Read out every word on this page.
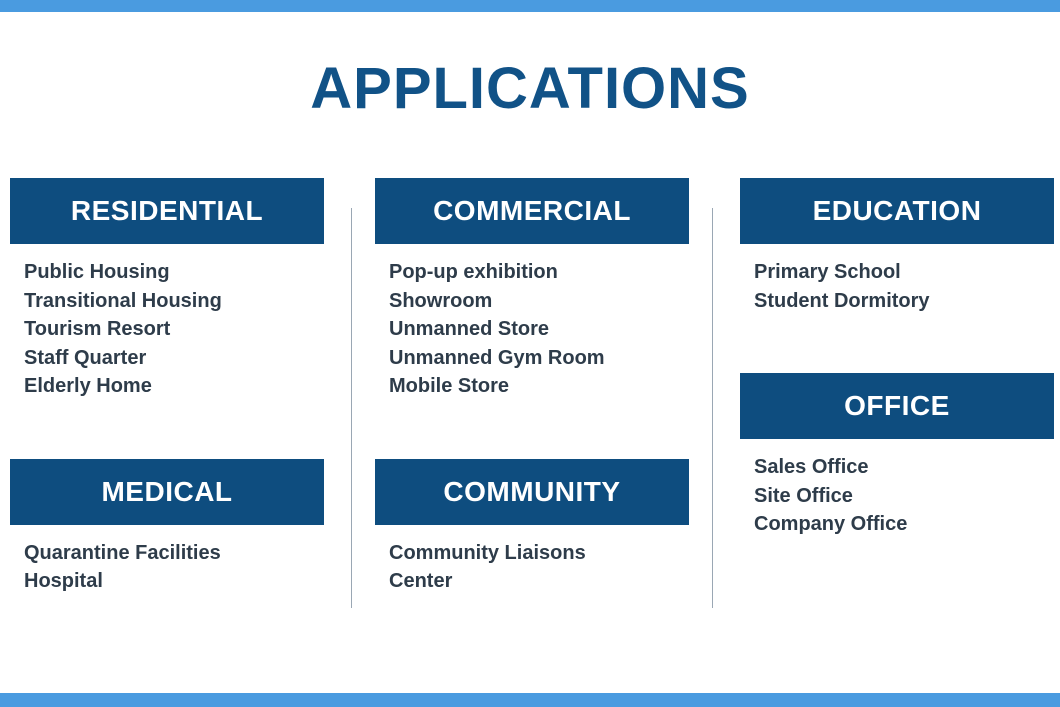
APPLICATIONS
RESIDENTIAL
Public Housing
Transitional Housing
Tourism Resort
Staff Quarter
Elderly Home
MEDICAL
Quarantine Facilities
Hospital
COMMERCIAL
Pop-up exhibition
Showroom
Unmanned Store
Unmanned Gym Room
Mobile Store
COMMUNITY
Community Liaisons
Center
EDUCATION
Primary School
Student Dormitory
OFFICE
Sales Office
Site Office
Company Office
